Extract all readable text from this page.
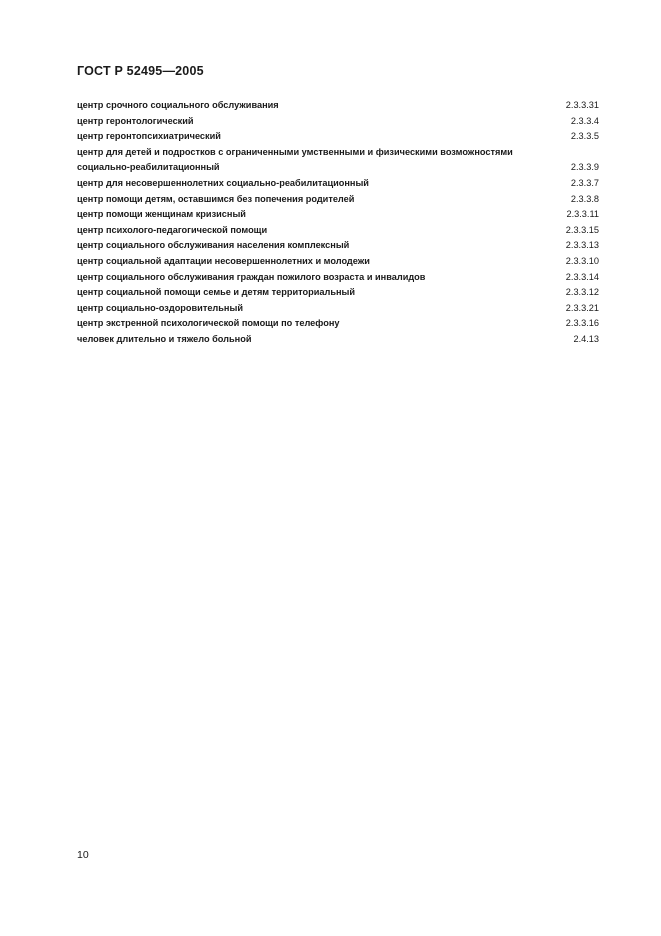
ГОСТ Р 52495—2005
центр срочного социального обслуживания	2.3.3.31
центр геронтологический	2.3.3.4
центр геронтопсихиатрический	2.3.3.5
центр для детей и подростков с ограниченными умственными и физическими возможностями
социально-реабилитационный	2.3.3.9
центр для несовершеннолетних социально-реабилитационный	2.3.3.7
центр помощи детям, оставшимся без попечения родителей	2.3.3.8
центр помощи женщинам кризисный	2.3.3.11
центр психолого-педагогической помощи	2.3.3.15
центр социального обслуживания населения комплексный	2.3.3.13
центр социальной адаптации несовершеннолетних и молодежи	2.3.3.10
центр социального обслуживания граждан пожилого возраста и инвалидов	2.3.3.14
центр социальной помощи семье и детям территориальный	2.3.3.12
центр социально-оздоровительный	2.3.3.21
центр экстренной психологической помощи по телефону	2.3.3.16
человек длительно и тяжело больной	2.4.13
10
